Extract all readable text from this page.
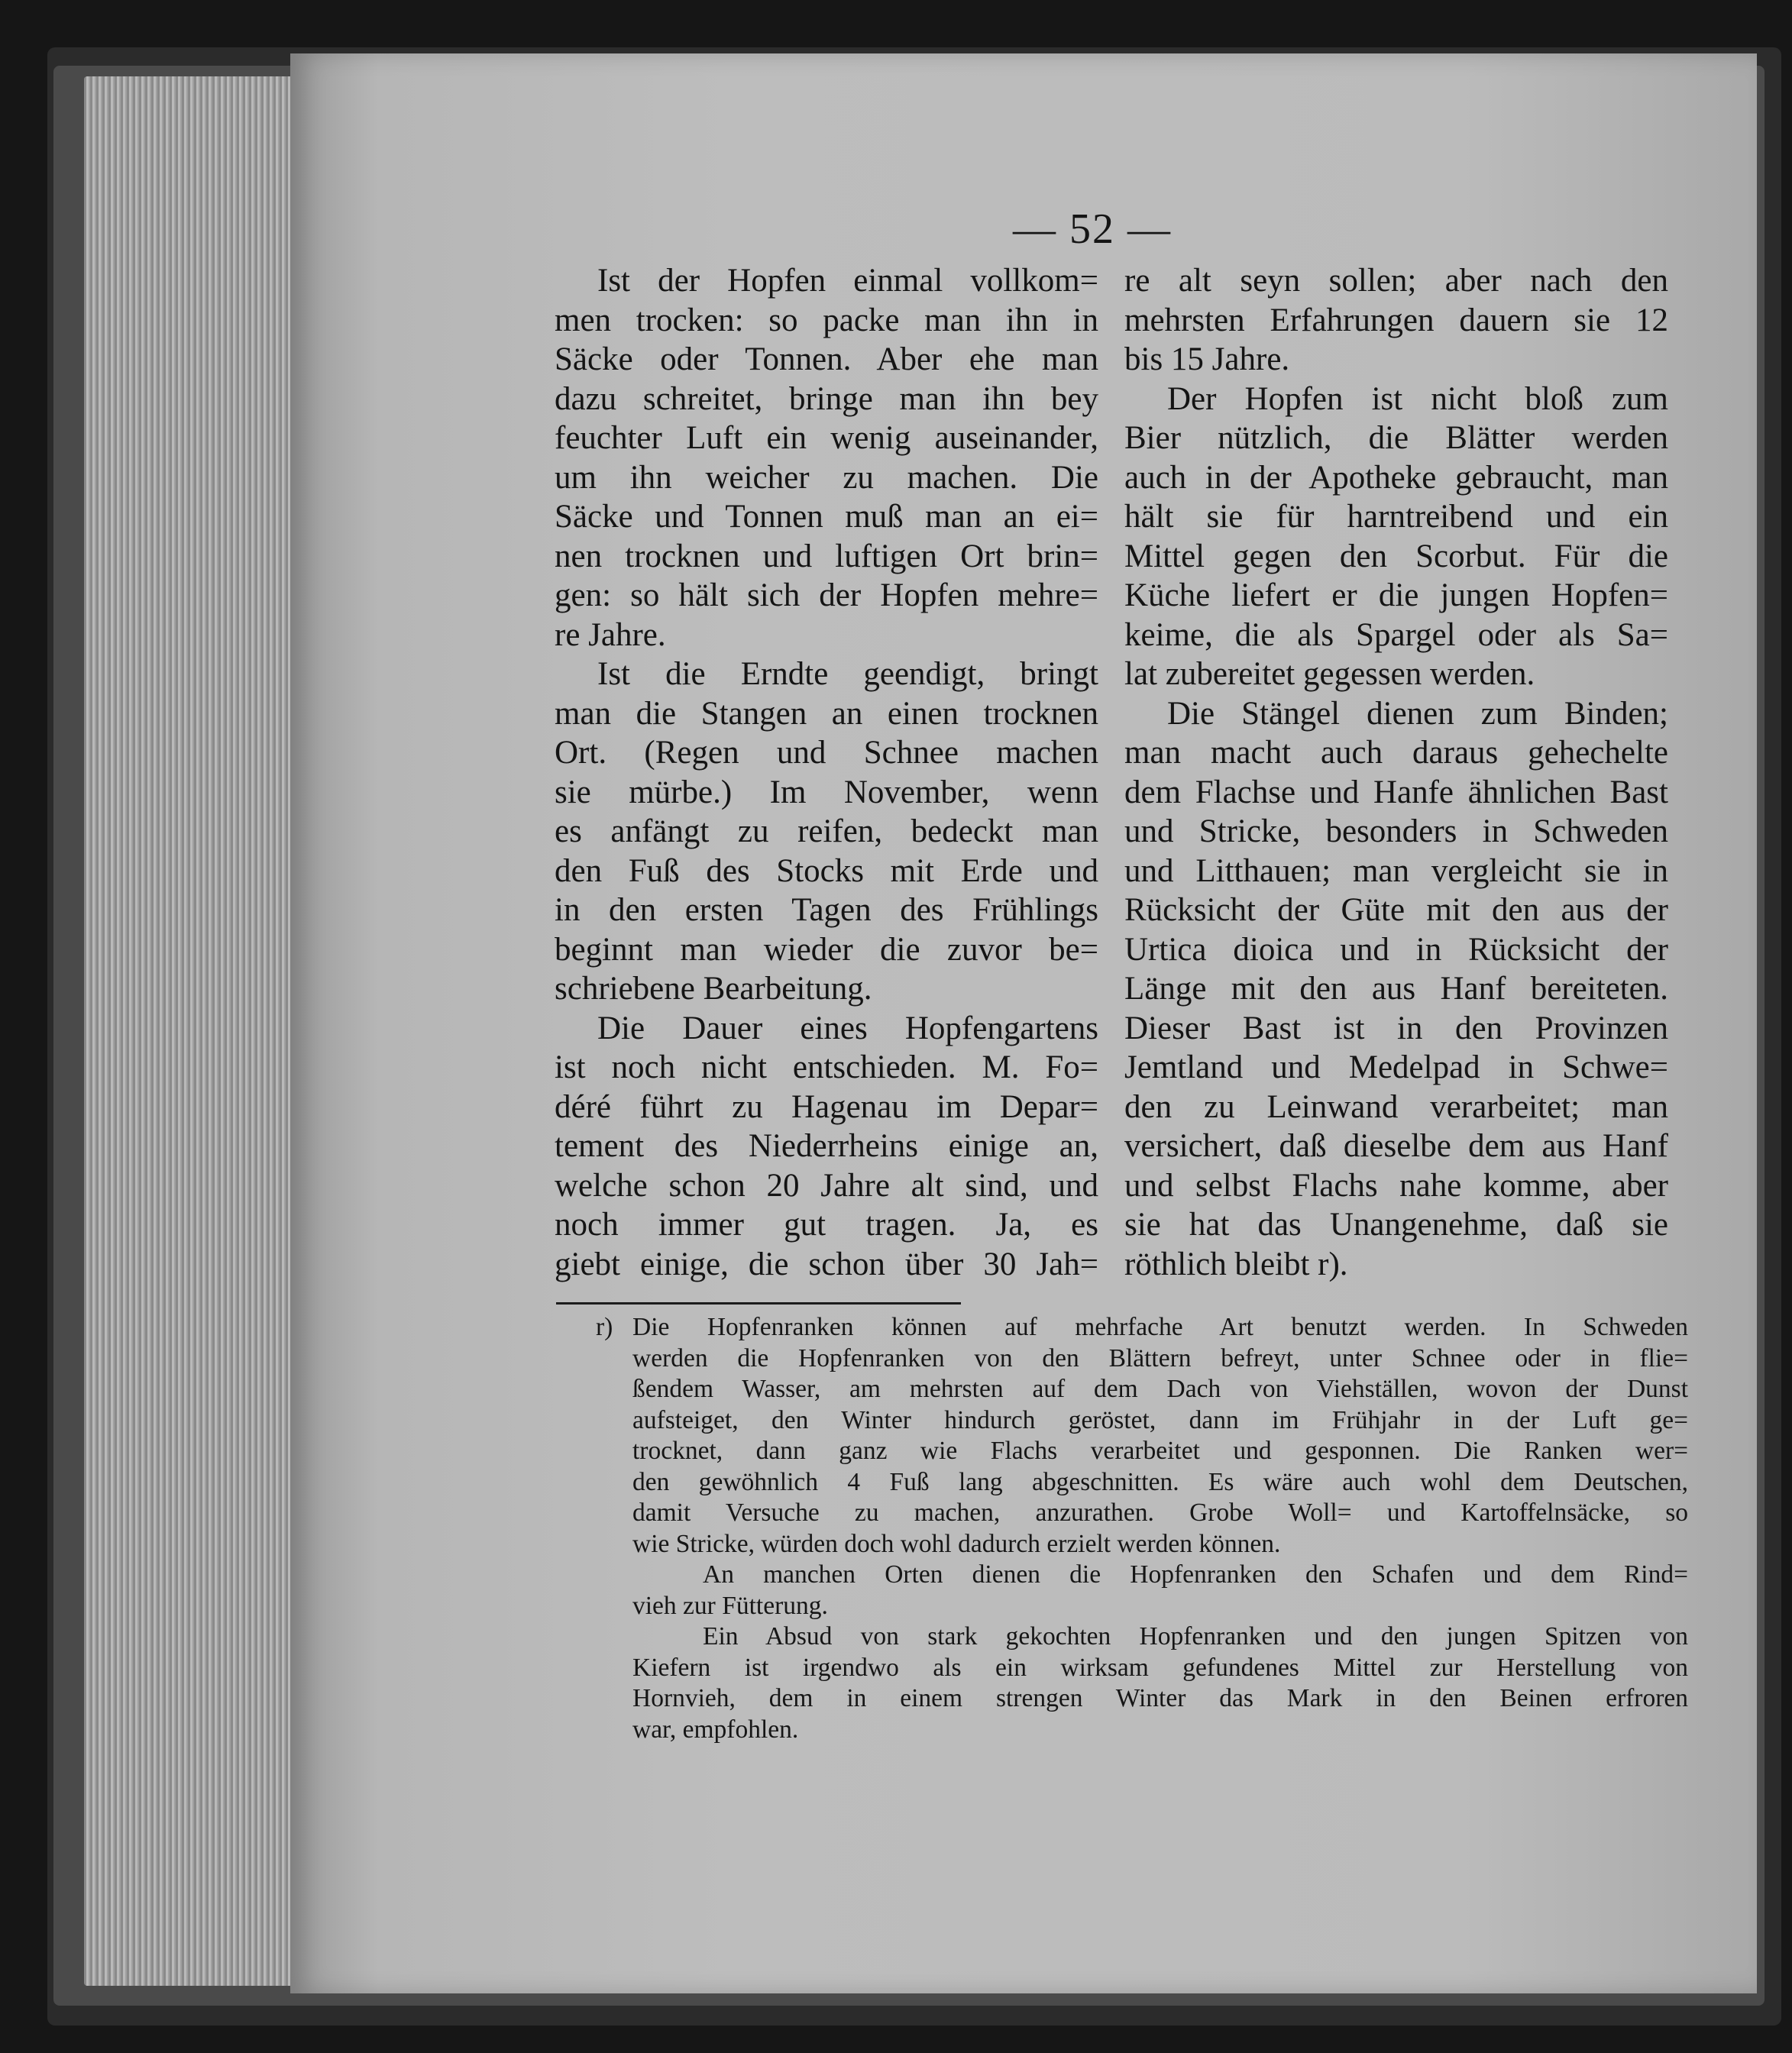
— 52 —
Ist der Hopfen einmal vollkom=
men trocken: so packe man ihn in
Säcke oder Tonnen. Aber ehe man
dazu schreitet, bringe man ihn bey
feuchter Luft ein wenig auseinander,
um ihn weicher zu machen. Die
Säcke und Tonnen muß man an ei=
nen trocknen und luftigen Ort brin=
gen: so hält sich der Hopfen mehre=
re Jahre.
Ist die Erndte geendigt, bringt
man die Stangen an einen trocknen
Ort. (Regen und Schnee machen
sie mürbe.) Im November, wenn
es anfängt zu reifen, bedeckt man
den Fuß des Stocks mit Erde und
in den ersten Tagen des Frühlings
beginnt man wieder die zuvor be=
schriebene Bearbeitung.
Die Dauer eines Hopfengartens
ist noch nicht entschieden. M. Fo=
déré führt zu Hagenau im Depar=
tement des Niederrheins einige an,
welche schon 20 Jahre alt sind, und
noch immer gut tragen. Ja, es
giebt einige, die schon über 30 Jah=
re alt seyn sollen; aber nach den
mehrsten Erfahrungen dauern sie 12
bis 15 Jahre.
Der Hopfen ist nicht bloß zum
Bier nützlich, die Blätter werden
auch in der Apotheke gebraucht, man
hält sie für harntreibend und ein
Mittel gegen den Scorbut. Für die
Küche liefert er die jungen Hopfen=
keime, die als Spargel oder als Sa=
lat zubereitet gegessen werden.
Die Stängel dienen zum Binden;
man macht auch daraus gehechelte
dem Flachse und Hanfe ähnlichen Bast
und Stricke, besonders in Schweden
und Litthauen; man vergleicht sie in
Rücksicht der Güte mit den aus der
Urtica dioica und in Rücksicht der
Länge mit den aus Hanf bereiteten.
Dieser Bast ist in den Provinzen
Jemtland und Medelpad in Schwe=
den zu Leinwand verarbeitet; man
versichert, daß dieselbe dem aus Hanf
und selbst Flachs nahe komme, aber
sie hat das Unangenehme, daß sie
röthlich bleibt r).
r) Die Hopfenranken können auf mehrfache Art benutzt werden. In Schweden
werden die Hopfenranken von den Blättern befreyt, unter Schnee oder in flie=
ßendem Wasser, am mehrsten auf dem Dach von Viehställen, wovon der Dunst
aufsteiget, den Winter hindurch geröstet, dann im Frühjahr in der Luft ge=
trocknet, dann ganz wie Flachs verarbeitet und gesponnen. Die Ranken wer=
den gewöhnlich 4 Fuß lang abgeschnitten. Es wäre auch wohl dem Deutschen,
damit Versuche zu machen, anzurathen. Grobe Woll= und Kartoffelnsäcke, so
wie Stricke, würden doch wohl dadurch erzielt werden können.
An manchen Orten dienen die Hopfenranken den Schafen und dem Rind=
vieh zur Fütterung.
Ein Absud von stark gekochten Hopfenranken und den jungen Spitzen von
Kiefern ist irgendwo als ein wirksam gefundenes Mittel zur Herstellung von
Hornvieh, dem in einem strengen Winter das Mark in den Beinen erfroren
war, empfohlen.
